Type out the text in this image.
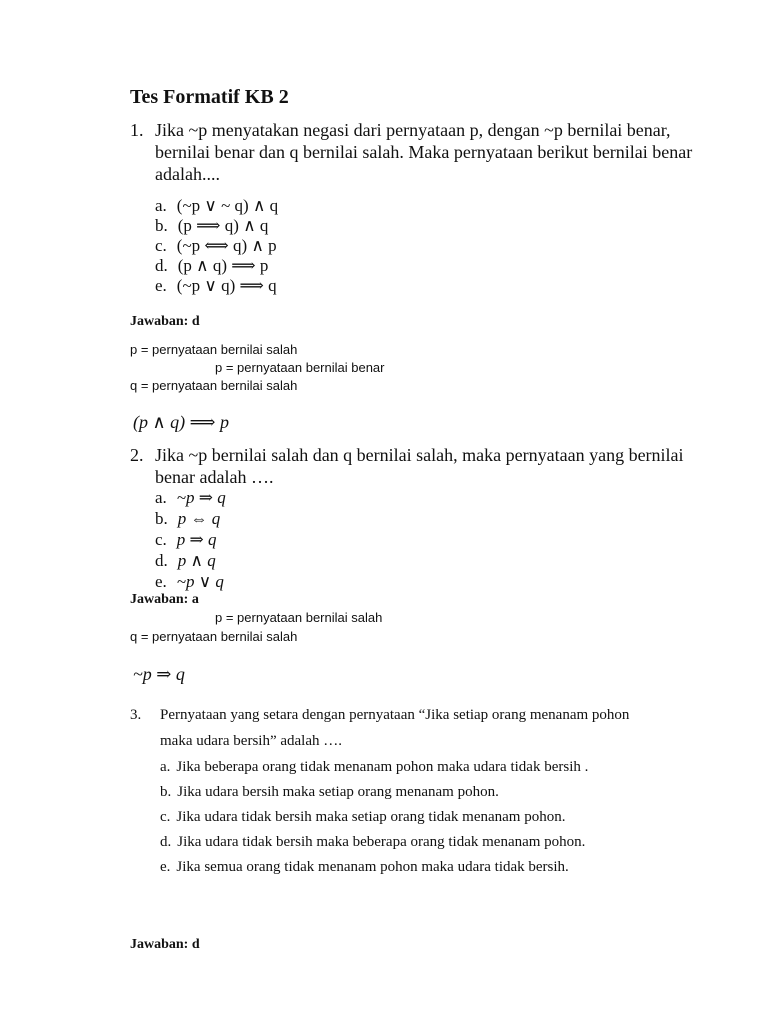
Tes Formatif KB 2
1. Jika ~p menyatakan negasi dari pernyataan p, dengan ~p bernilai benar,
bernilai benar dan q bernilai salah. Maka pernyataan berikut bernilai benar
adalah....
a. (~p ∨ ~ q) ∧ q
b. (p ⟹ q) ∧ q
c. (~p ⟺ q) ∧ p
d. (p ∧ q) ⟹ p
e. (~p ∨ q) ⟹ q
Jawaban: d
p = pernyataan bernilai salah
p = pernyataan bernilai benar
q = pernyataan bernilai salah
(p ∧ q) ⟹ p
2. Jika ~p bernilai salah dan q bernilai salah, maka pernyataan yang bernilai
benar adalah ….
a. ~p ⇒ q
b. p ⇔ q
c. p ⇒ q
d. p ∧ q
e. ~p ∨ q
Jawaban: a
p = pernyataan bernilai salah
q = pernyataan bernilai salah
~p ⇒ q
3. Pernyataan yang setara dengan pernyataan “Jika setiap orang menanam pohon
maka udara bersih” adalah ….
a. Jika beberapa orang tidak menanam pohon maka udara tidak bersih .
b. Jika udara bersih maka setiap orang menanam pohon.
c. Jika udara tidak bersih maka setiap orang tidak menanam pohon.
d. Jika udara tidak bersih maka beberapa orang tidak menanam pohon.
e. Jika semua orang tidak menanam pohon maka udara tidak bersih.
Jawaban: d
